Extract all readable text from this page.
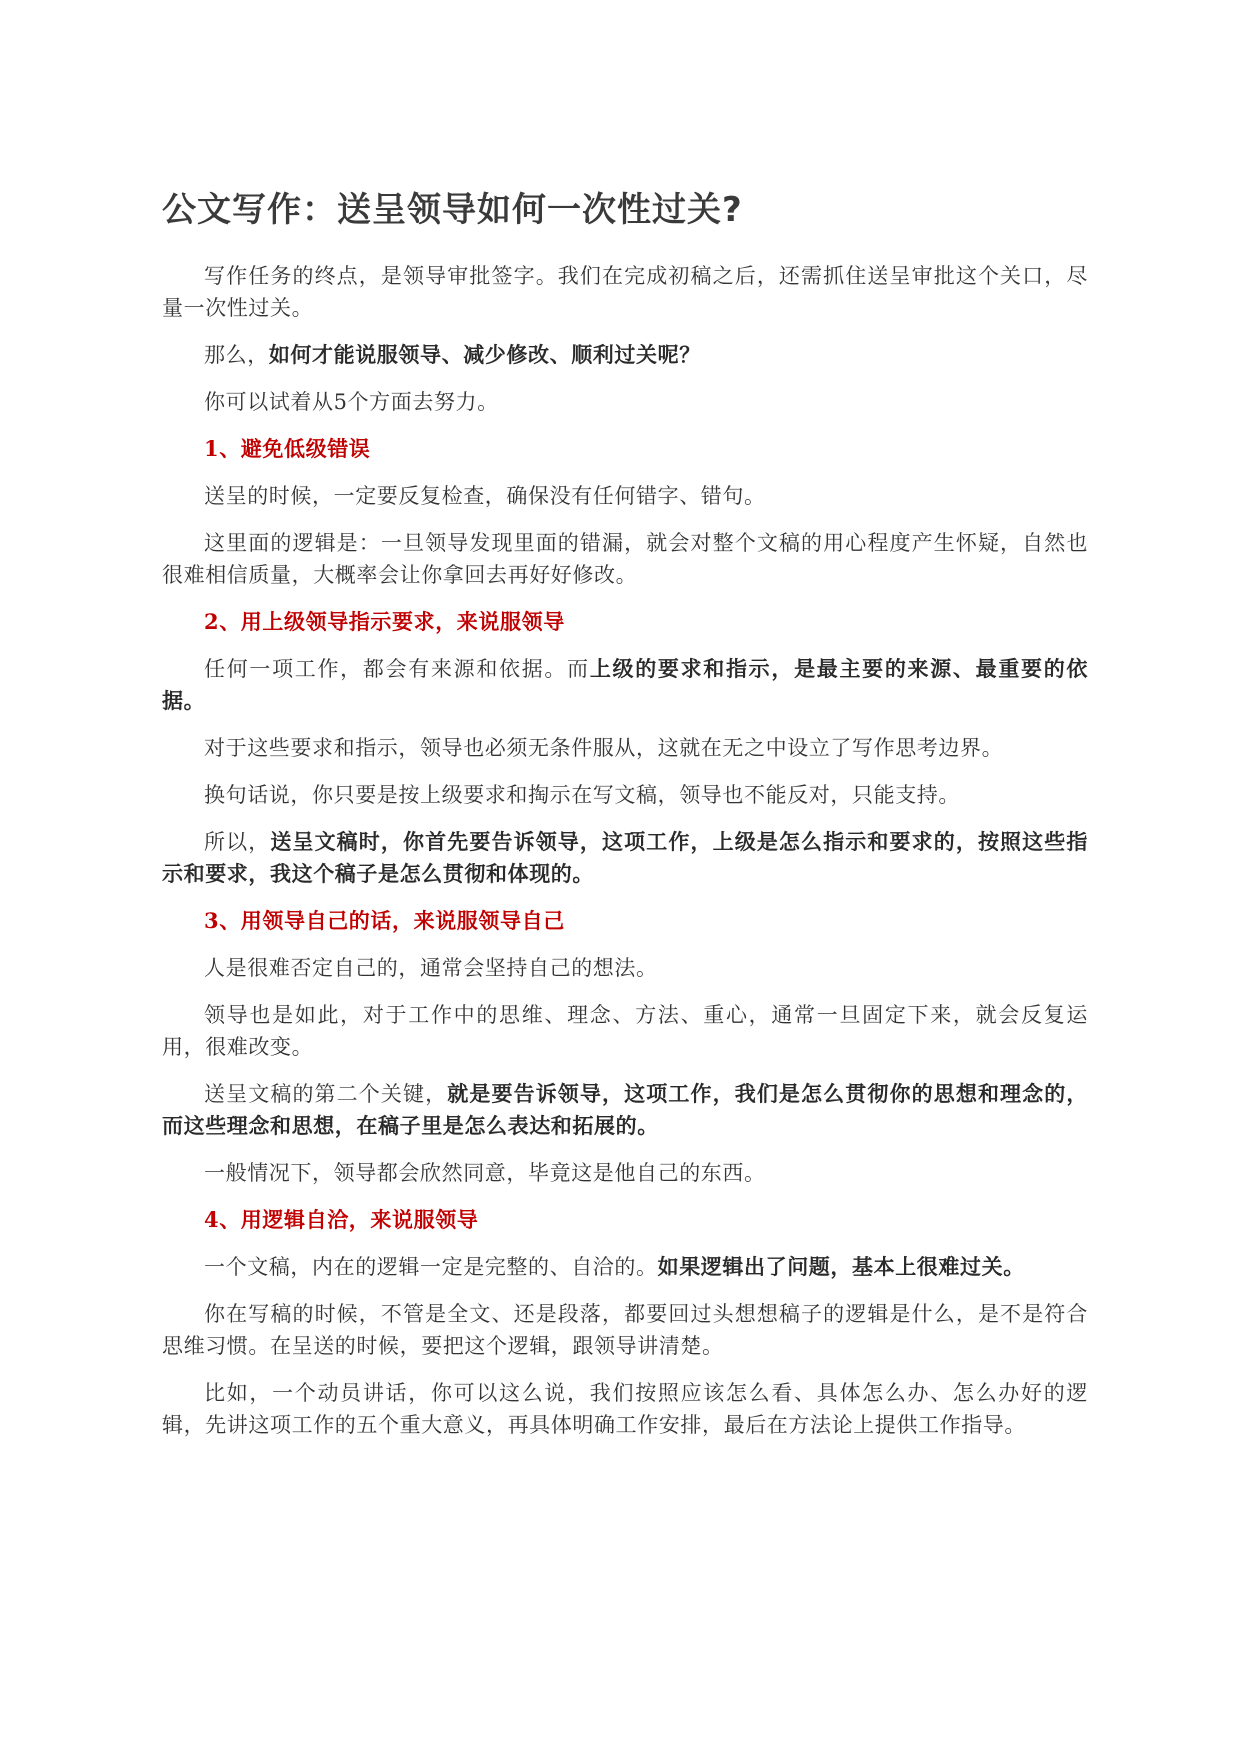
公文写作：送呈领导如何一次性过关?

写作任务的终点，是领导审批签字。我们在完成初稿之后，还需抓住送呈审批这个关口，尽量一次性过关。

那么，如何才能说服领导、减少修改、顺利过关呢？

你可以试着从5个方面去努力。

1、避免低级错误

送呈的时候，一定要反复检查，确保没有任何错字、错句。

这里面的逻辑是：一旦领导发现里面的错漏，就会对整个文稿的用心程度产生怀疑，自然也很难相信质量，大概率会让你拿回去再好好修改。

2、用上级领导指示要求，来说服领导

任何一项工作，都会有来源和依据。而上级的要求和指示，是最主要的来源、最重要的依据。

对于这些要求和指示，领导也必须无条件服从，这就在无之中设立了写作思考边界。

换句话说，你只要是按上级要求和掏示在写文稿，领导也不能反对，只能支持。

所以，送呈文稿时，你首先要告诉领导，这项工作，上级是怎么指示和要求的，按照这些指示和要求，我这个稿子是怎么贯彻和体现的。

3、用领导自己的话，来说服领导自己

人是很难否定自己的，通常会坚持自己的想法。

领导也是如此，对于工作中的思维、理念、方法、重心，通常一旦固定下来，就会反复运用，很难改变。

送呈文稿的第二个关键，就是要告诉领导，这项工作，我们是怎么贯彻你的思想和理念的，而这些理念和思想，在稿子里是怎么表达和拓展的。

一般情况下，领导都会欣然同意，毕竟这是他自己的东西。

4、用逻辑自洽，来说服领导

一个文稿，内在的逻辑一定是完整的、自洽的。如果逻辑出了问题，基本上很难过关。

你在写稿的时候，不管是全文、还是段落，都要回过头想想稿子的逻辑是什么，是不是符合思维习惯。在呈送的时候，要把这个逻辑，跟领导讲清楚。

比如，一个动员讲话，你可以这么说，我们按照应该怎么看、具体怎么办、怎么办好的逻辑，先讲这项工作的五个重大意义，再具体明确工作安排，最后在方法论上提供工作指导。
